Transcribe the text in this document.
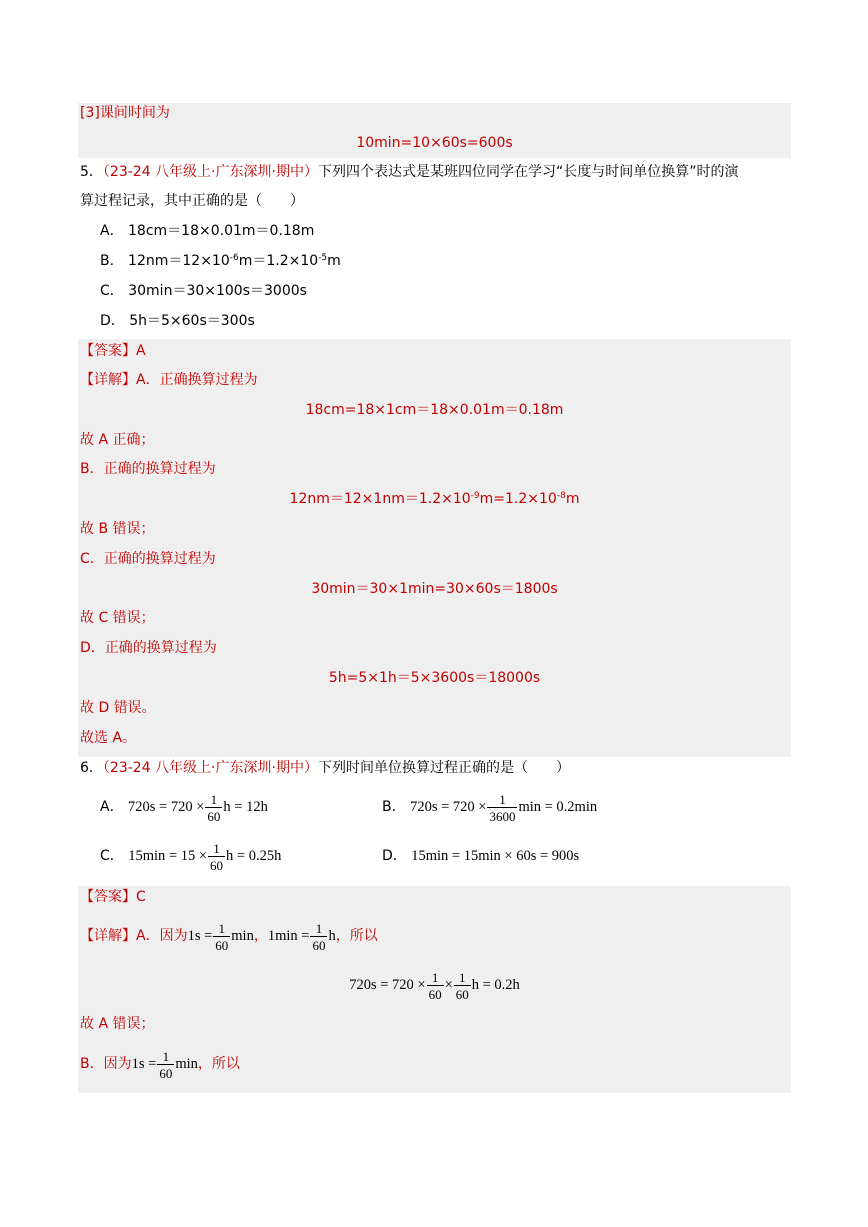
[3]课间时间为
10min=10×60s=600s
5．（23-24 八年级上·广东深圳·期中）下列四个表达式是某班四位同学在学习“长度与时间单位换算”时的演
算过程记录，其中正确的是（　　）
A． 18cm＝18×0.01m＝0.18m
B． $12nm=12\times 10^{-6}m=1.2\times 10^{-5}m$
C． 30min＝30×100s＝3000s
D． 5h＝5×60s＝300s
【答案】A
【详解】A．正确换算过程为
18cm=18×1cm＝18×0.01m＝0.18m
故 A 正确；
B．正确的换算过程为
$12nm=12\times 1nm=1.2\times 10^{-9}m=1.2\times 10^{-8}m$
故 B 错误；
C．正确的换算过程为
30min＝30×1min=30×60s＝1800s
故 C 错误；
D．正确的换算过程为
5h=5×1h＝5×3600s＝18000s
故 D 错误。
故选 A。
6．（23-24 八年级上·广东深圳·期中）下列时间单位换算过程正确的是（　　）
A． $720s = 720 \times \frac{1}{60}$ h = 12h	B． $720s = 720 \times \frac{1}{3600}$ min = 0.2min
C． $15\min = 15 \times \frac{1}{60}$ h = 0.25h	D． 15min = 15min × 60s = 900s
【答案】C
【详解】A．因为$1s = \frac{1}{60}$ min，$1\min = \frac{1}{60}$ h，所以
$720s = 720 \times \frac{1}{60} \times \frac{1}{60}$ h = 0.2h
故 A 错误；
B．因为$1s = \frac{1}{60}$ min，所以
